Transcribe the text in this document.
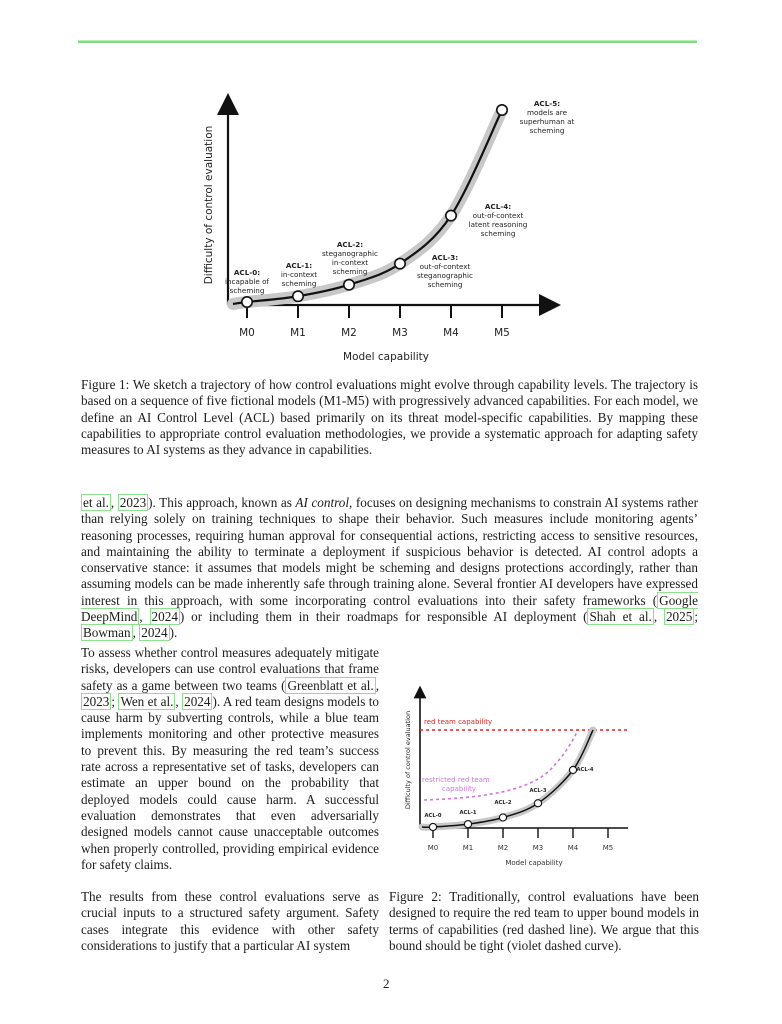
Difficulty of control evaluation
Model capability
M0	M1	M2	M3	M4	M5
ACL-0: incapable of scheming
ACL-1: in-context scheming
ACL-2: steganographic in-context scheming
ACL-3: out-of-context steganographic scheming
ACL-4: out-of-context latent reasoning scheming
ACL-5: models are superhuman at scheming
Figure 1: We sketch a trajectory of how control evaluations might evolve through capability levels. The trajectory is based on a sequence of five fictional models (M1-M5) with progressively advanced capabilities. For each model, we define an AI Control Level (ACL) based primarily on its threat model-specific capabilities. By mapping these capabilities to appropriate control evaluation methodologies, we provide a systematic approach for adapting safety measures to AI systems as they advance in capabilities.
et al. , 2023 ). This approach, known as AI control, focuses on designing mechanisms to constrain AI systems rather than relying solely on training techniques to shape their behavior. Such measures include monitoring agents’ reasoning processes, requiring human approval for consequential actions, restricting access to sensitive resources, and maintaining the ability to terminate a deployment if suspicious behavior is detected. AI control adopts a conservative stance: it assumes that models might be scheming and designs protections accordingly, rather than assuming models can be made inherently safe through training alone. Several frontier AI developers have expressed interest in this approach, with some incorporating control evaluations into their safety frameworks ( Google DeepMind , 2024 ) or including them in their roadmaps for responsible AI deployment ( Shah et al. , 2025 ; Bowman , 2024 ).
To assess whether control measures adequately mitigate risks, developers can use control evaluations that frame safety as a game between two teams ( Greenblatt et al. , 2023 ; Wen et al. , 2024 ). A red team designs models to cause harm by subverting controls, while a blue team implements monitoring and other protective measures to prevent this. By measuring the red team’s success rate across a representative set of tasks, developers can estimate an upper bound on the probability that deployed models could cause harm. A successful evaluation demonstrates that even adversarially designed models cannot cause unacceptable outcomes when properly controlled, providing empirical evidence for safety claims.
Difficulty of control evaluation
Model capability
red team capability
restricted red team capability
M0	M1	M2	M3	M4	M5
ACL-0	ACL-1
ACL-2
ACL-3
ACL-4
The results from these control evaluations serve as crucial inputs to a structured safety argument. Safety cases integrate this evidence with other safety considerations to justify that a particular AI system
Figure 2: Traditionally, control evaluations have been designed to require the red team to upper bound models in terms of capabilities (red dashed line). We argue that this bound should be tight (violet dashed curve).
2
